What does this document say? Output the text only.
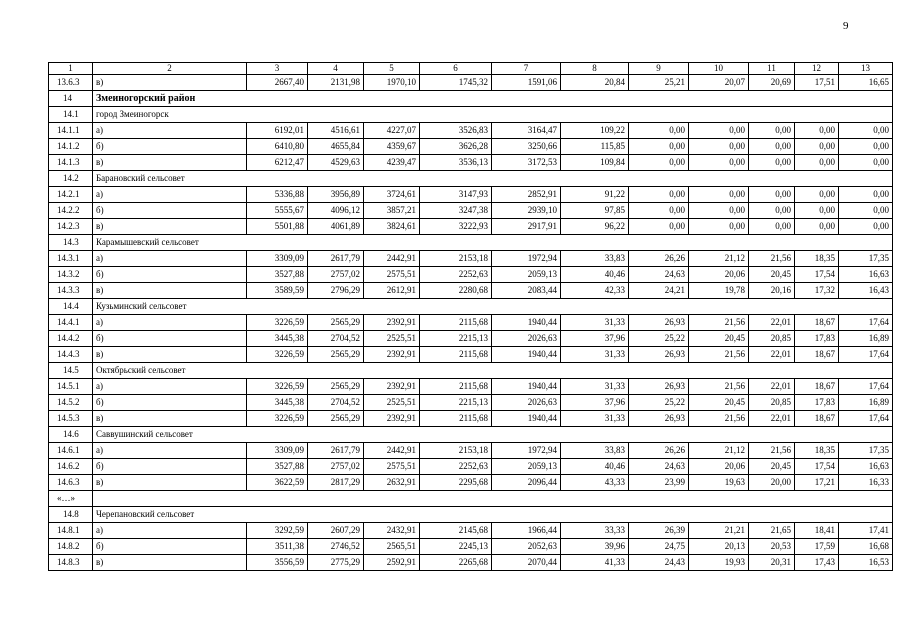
9
1	2	3	4	5	6	7	8	9	10	11	12	13
13.6.3	в)	2667,40	2131,98	1970,10	1745,32	1591,06	20,84	25,21	20,07	20,69	17,51	16,65
14	Змеиногорский район											
14.1	город Змеиногорск											
14.1.1	а)	6192,01	4516,61	4227,07	3526,83	3164,47	109,22	0,00	0,00	0,00	0,00	0,00
14.1.2	б)	6410,80	4655,84	4359,67	3626,28	3250,66	115,85	0,00	0,00	0,00	0,00	0,00
14.1.3	в)	6212,47	4529,63	4239,47	3536,13	3172,53	109,84	0,00	0,00	0,00	0,00	0,00
14.2	Барановский сельсовет											
14.2.1	а)	5336,88	3956,89	3724,61	3147,93	2852,91	91,22	0,00	0,00	0,00	0,00	0,00
14.2.2	б)	5555,67	4096,12	3857,21	3247,38	2939,10	97,85	0,00	0,00	0,00	0,00	0,00
14.2.3	в)	5501,88	4061,89	3824,61	3222,93	2917,91	96,22	0,00	0,00	0,00	0,00	0,00
14.3	Карамышевский сельсовет											
14.3.1	а)	3309,09	2617,79	2442,91	2153,18	1972,94	33,83	26,26	21,12	21,56	18,35	17,35
14.3.2	б)	3527,88	2757,02	2575,51	2252,63	2059,13	40,46	24,63	20,06	20,45	17,54	16,63
14.3.3	в)	3589,59	2796,29	2612,91	2280,68	2083,44	42,33	24,21	19,78	20,16	17,32	16,43
14.4	Кузьминский сельсовет											
14.4.1	а)	3226,59	2565,29	2392,91	2115,68	1940,44	31,33	26,93	21,56	22,01	18,67	17,64
14.4.2	б)	3445,38	2704,52	2525,51	2215,13	2026,63	37,96	25,22	20,45	20,85	17,83	16,89
14.4.3	в)	3226,59	2565,29	2392,91	2115,68	1940,44	31,33	26,93	21,56	22,01	18,67	17,64
14.5	Октябрьский сельсовет											
14.5.1	а)	3226,59	2565,29	2392,91	2115,68	1940,44	31,33	26,93	21,56	22,01	18,67	17,64
14.5.2	б)	3445,38	2704,52	2525,51	2215,13	2026,63	37,96	25,22	20,45	20,85	17,83	16,89
14.5.3	в)	3226,59	2565,29	2392,91	2115,68	1940,44	31,33	26,93	21,56	22,01	18,67	17,64
14.6	Саввушинский сельсовет											
14.6.1	а)	3309,09	2617,79	2442,91	2153,18	1972,94	33,83	26,26	21,12	21,56	18,35	17,35
14.6.2	б)	3527,88	2757,02	2575,51	2252,63	2059,13	40,46	24,63	20,06	20,45	17,54	16,63
14.6.3	в)	3622,59	2817,29	2632,91	2295,68	2096,44	43,33	23,99	19,63	20,00	17,21	16,33
«…»												
14.8	Черепановский сельсовет											
14.8.1	а)	3292,59	2607,29	2432,91	2145,68	1966,44	33,33	26,39	21,21	21,65	18,41	17,41
14.8.2	б)	3511,38	2746,52	2565,51	2245,13	2052,63	39,96	24,75	20,13	20,53	17,59	16,68
14.8.3	в)	3556,59	2775,29	2592,91	2265,68	2070,44	41,33	24,43	19,93	20,31	17,43	16,53
